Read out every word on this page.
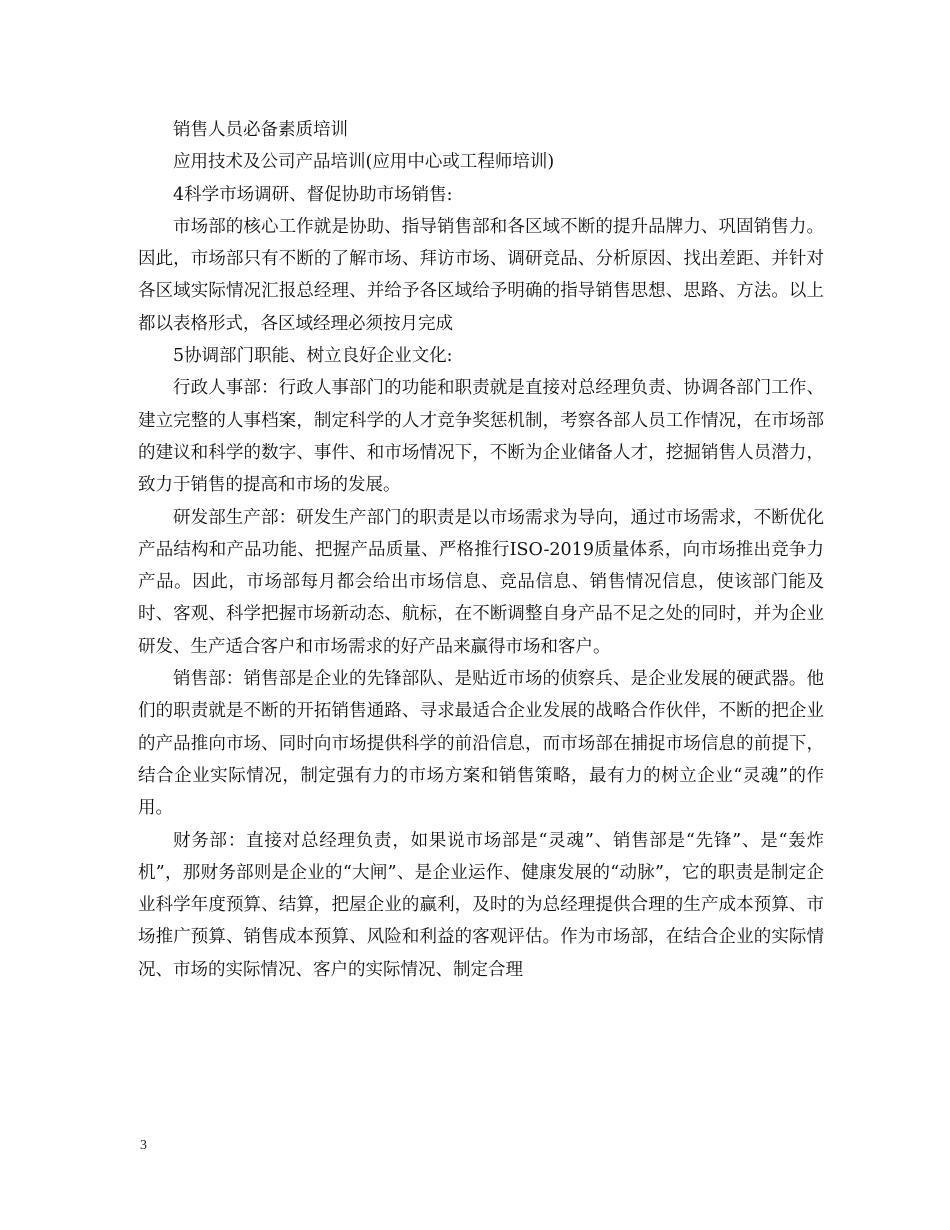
销售人员必备素质培训

应用技术及公司产品培训(应用中心或工程师培训)

4科学市场调研、督促协助市场销售:

市场部的核心工作就是协助、指导销售部和各区域不断的提升品牌力、巩固销售力。因此，市场部只有不断的了解市场、拜访市场、调研竞品、分析原因、找出差距、并针对各区域实际情况汇报总经理、并给予各区域给予明确的指导销售思想、思路、方法。以上都以表格形式，各区域经理必须按月完成

5协调部门职能、树立良好企业文化:

行政人事部：行政人事部门的功能和职责就是直接对总经理负责、协调各部门工作、建立完整的人事档案，制定科学的人才竞争奖惩机制，考察各部人员工作情况，在市场部的建议和科学的数字、事件、和市场情况下，不断为企业储备人才，挖掘销售人员潜力，致力于销售的提高和市场的发展。

研发部生产部：研发生产部门的职责是以市场需求为导向，通过市场需求，不断优化产品结构和产品功能、把握产品质量、严格推行ISO-2019质量体系，向市场推出竞争力产品。因此，市场部每月都会给出市场信息、竞品信息、销售情况信息，使该部门能及时、客观、科学把握市场新动态、航标，在不断调整自身产品不足之处的同时，并为企业研发、生产适合客户和市场需求的好产品来赢得市场和客户。

销售部：销售部是企业的先锋部队、是贴近市场的侦察兵、是企业发展的硬武器。他们的职责就是不断的开拓销售通路、寻求最适合企业发展的战略合作伙伴，不断的把企业的产品推向市场、同时向市场提供科学的前沿信息，而市场部在捕捉市场信息的前提下，结合企业实际情况，制定强有力的市场方案和销售策略，最有力的树立企业“灵魂”的作用。

财务部：直接对总经理负责，如果说市场部是“灵魂”、销售部是“先锋”、是“轰炸机”，那财务部则是企业的“大闸”、是企业运作、健康发展的“动脉”，它的职责是制定企业科学年度预算、结算，把屋企业的赢利，及时的为总经理提供合理的生产成本预算、市场推广预算、销售成本预算、风险和利益的客观评估。作为市场部，在结合企业的实际情况、市场的实际情况、客户的实际情况、制定合理

3
